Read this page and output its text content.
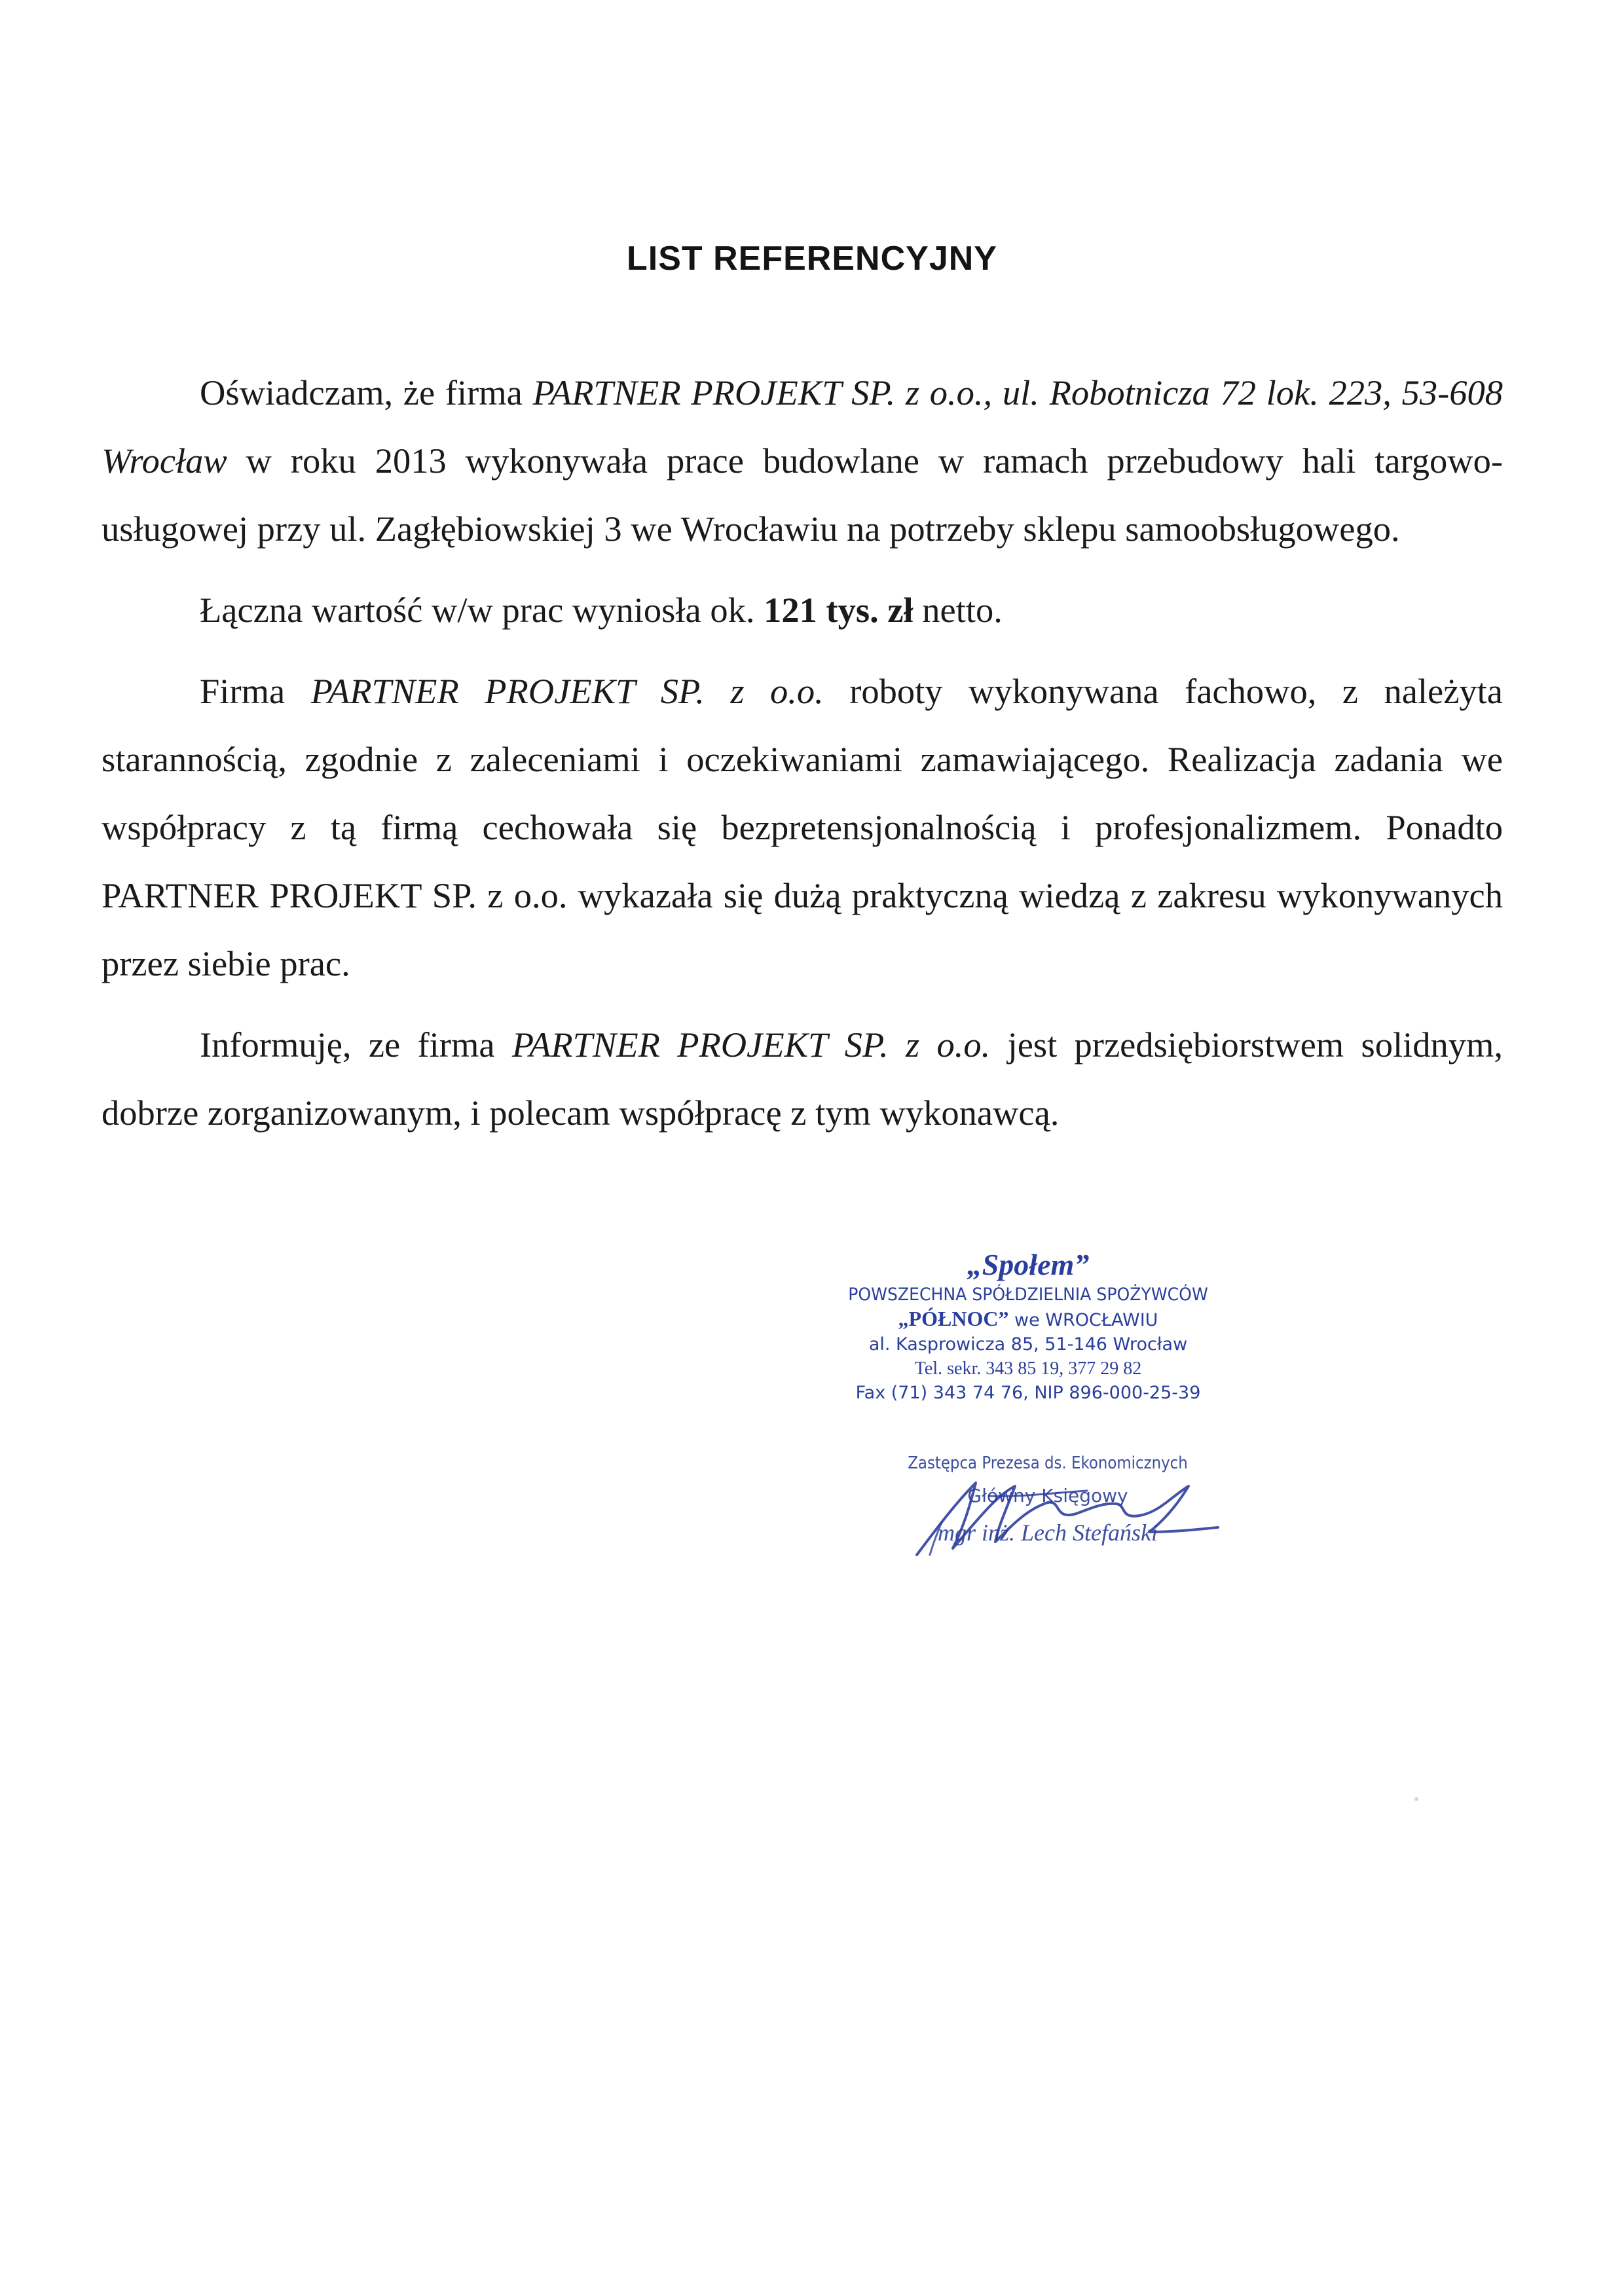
LIST REFERENCYJNY

Oświadczam, że firma PARTNER PROJEKT SP. z o.o., ul. Robotnicza 72 lok. 223, 53-608 Wrocław w roku 2013 wykonywała prace budowlane w ramach przebudowy hali targowo-usługowej przy ul. Zagłębiowskiej 3 we Wrocławiu na potrzeby sklepu samoobsługowego.

Łączna wartość w/w prac wyniosła ok. 121 tys. zł netto.

Firma PARTNER PROJEKT SP. z o.o. roboty wykonywana fachowo, z należyta starannością, zgodnie z zaleceniami i oczekiwaniami zamawiającego. Realizacja zadania we współpracy z tą firmą cechowała się bezpretensjonalnością i profesjonalizmem. Ponadto PARTNER PROJEKT SP. z o.o. wykazała się dużą praktyczną wiedzą z zakresu wykonywanych przez siebie prac.

Informuję, ze firma PARTNER PROJEKT SP. z o.o. jest przedsiębiorstwem solidnym, dobrze zorganizowanym, i polecam współpracę z tym wykonawcą.

„Społem”
POWSZECHNA SPÓŁDZIELNIA SPOŻYWCÓW
„PÓŁNOC” we WROCŁAWIU
al. Kasprowicza 85, 51-146 Wrocław
Tel. sekr. 343 85 19, 377 29 82
Fax (71) 343 74 76, NIP 896-000-25-39
Zastępca Prezesa ds. Ekonomicznych
Główny Księgowy
mgr inż. Lech Stefański
